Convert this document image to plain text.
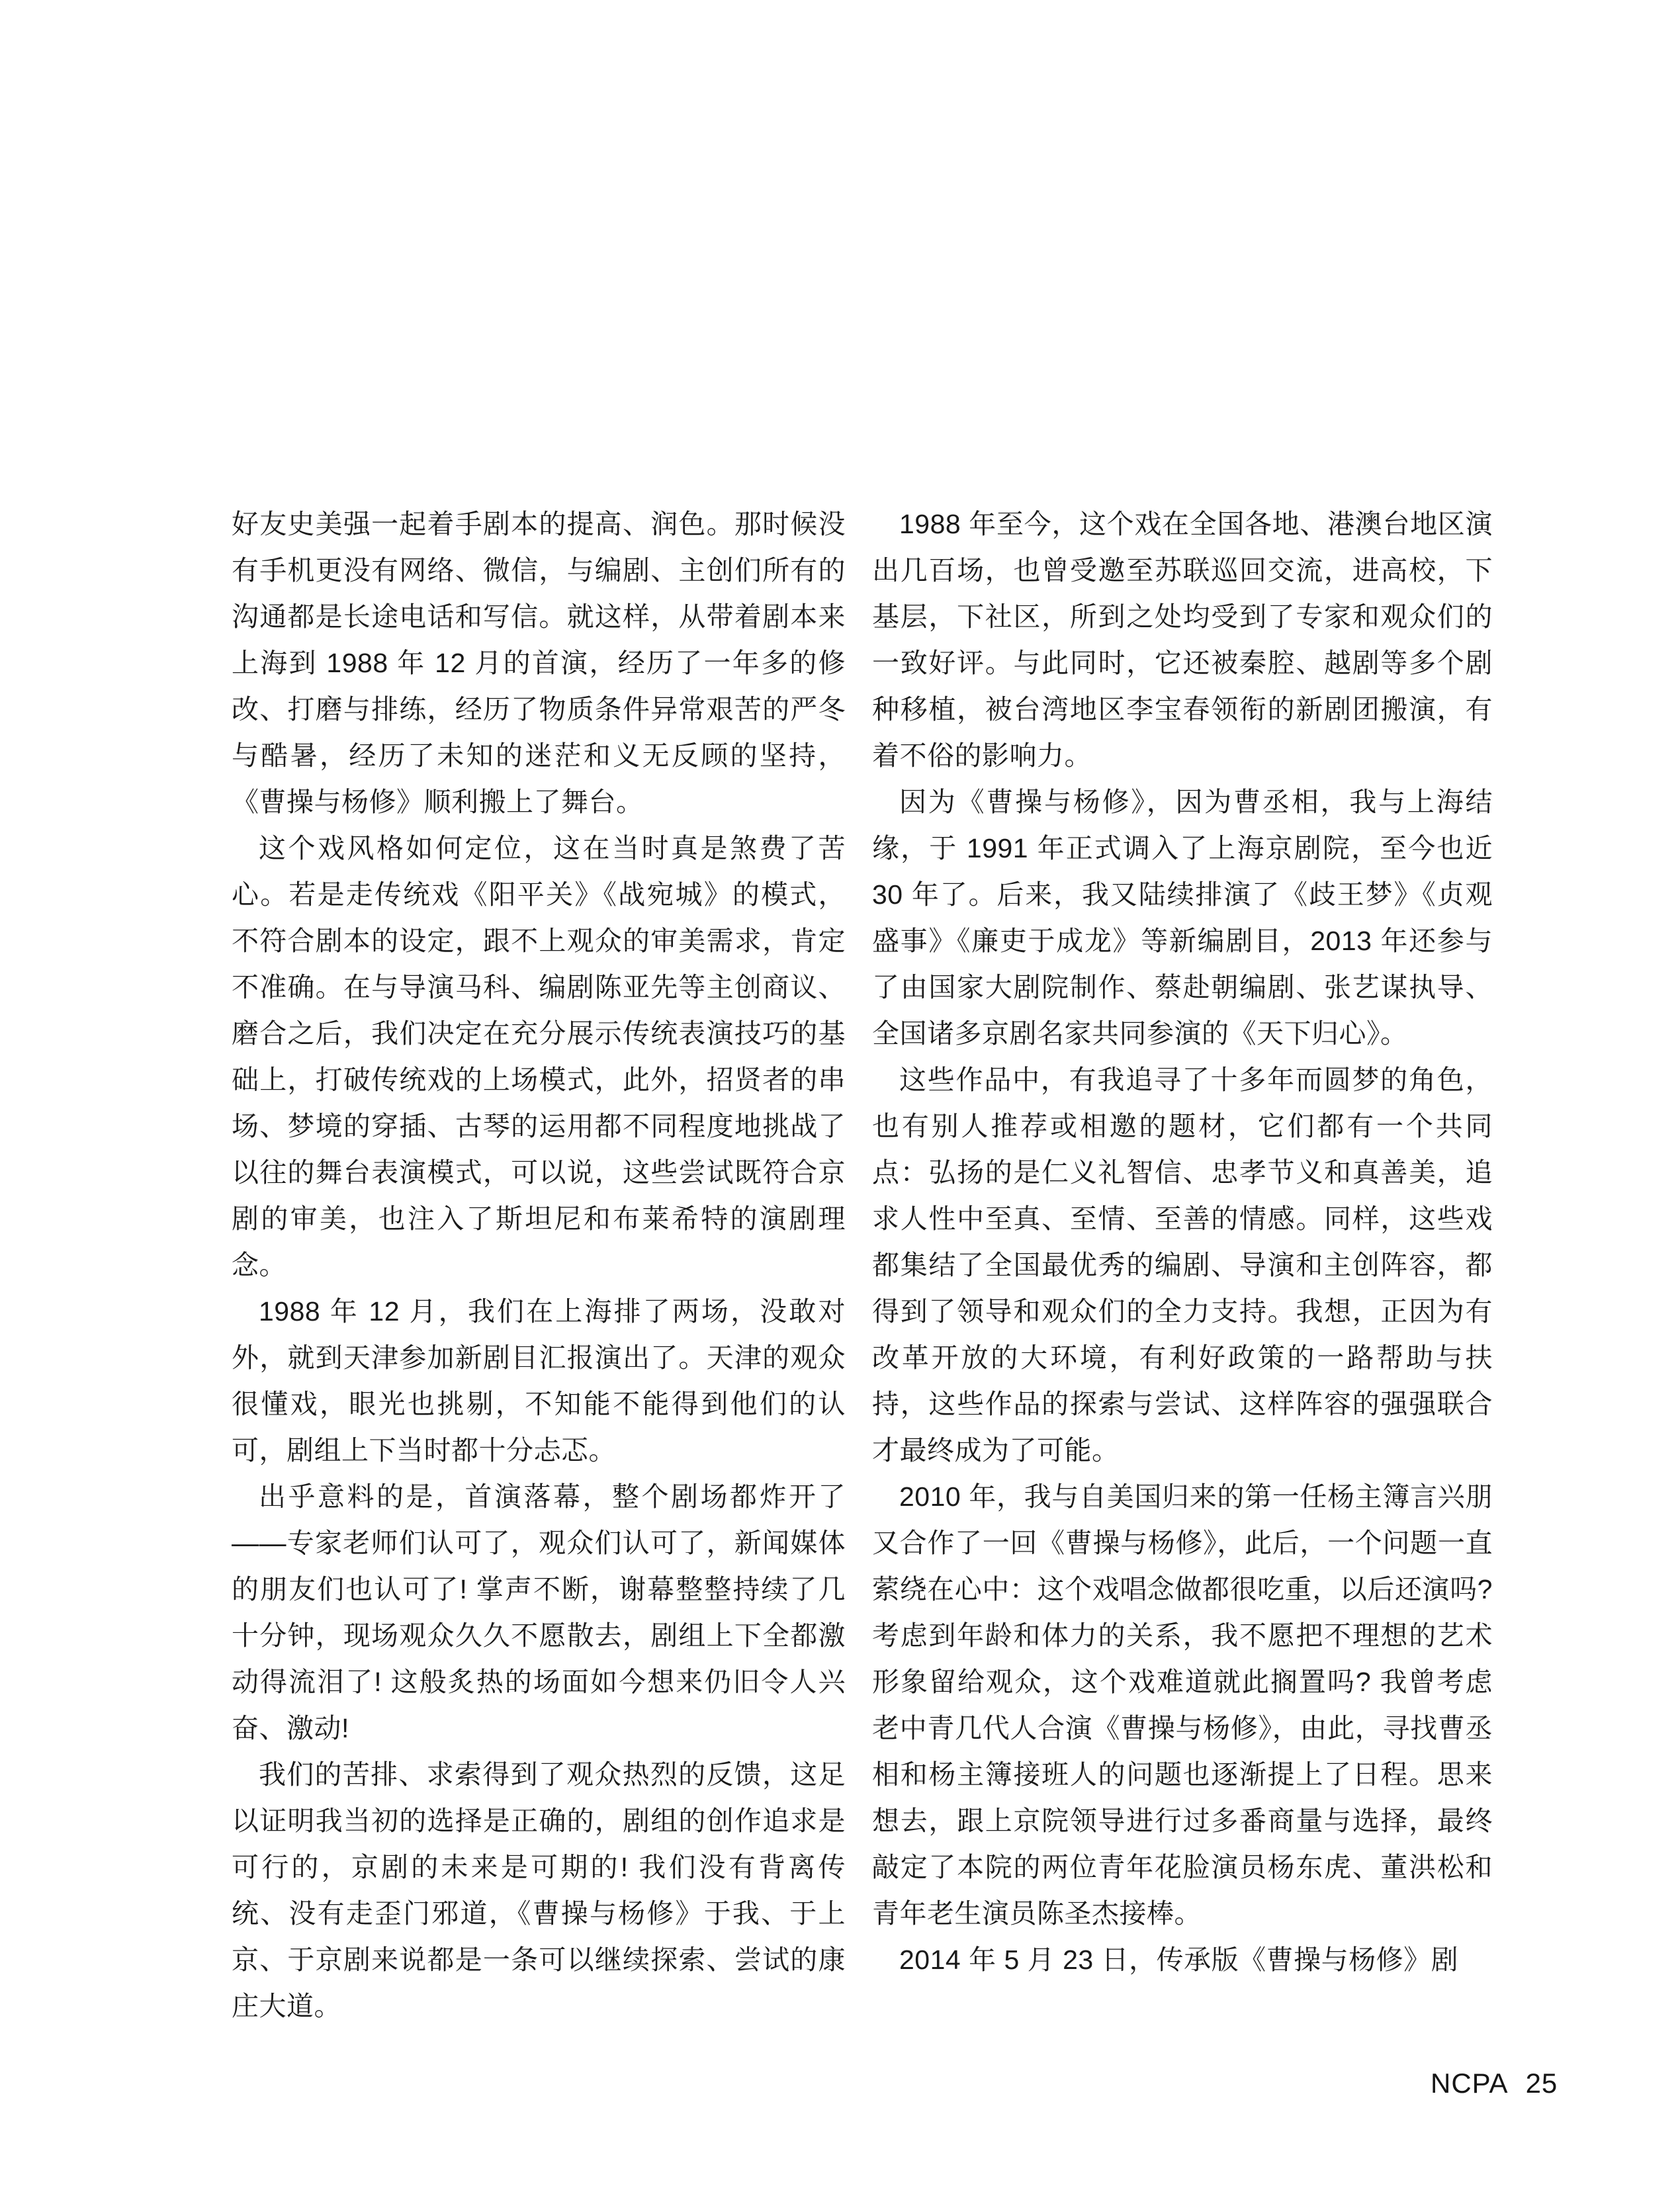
好友史美强一起着手剧本的提高、润色。那时候没有手机更没有网络、微信，与编剧、主创们所有的沟通都是长途电话和写信。就这样，从带着剧本来上海到 1988 年 12 月的首演，经历了一年多的修改、打磨与排练，经历了物质条件异常艰苦的严冬与酷暑，经历了未知的迷茫和义无反顾的坚持，《曹操与杨修》顺利搬上了舞台。

这个戏风格如何定位，这在当时真是煞费了苦心。若是走传统戏《阳平关》《战宛城》的模式，不符合剧本的设定，跟不上观众的审美需求，肯定不准确。在与导演马科、编剧陈亚先等主创商议、磨合之后，我们决定在充分展示传统表演技巧的基础上，打破传统戏的上场模式，此外，招贤者的串场、梦境的穿插、古琴的运用都不同程度地挑战了以往的舞台表演模式，可以说，这些尝试既符合京剧的审美，也注入了斯坦尼和布莱希特的演剧理念。

1988 年 12 月，我们在上海排了两场，没敢对外，就到天津参加新剧目汇报演出了。天津的观众很懂戏，眼光也挑剔，不知能不能得到他们的认可，剧组上下当时都十分忐忑。

出乎意料的是，首演落幕，整个剧场都炸开了——专家老师们认可了，观众们认可了，新闻媒体的朋友们也认可了! 掌声不断，谢幕整整持续了几十分钟，现场观众久久不愿散去，剧组上下全都激动得流泪了! 这般炙热的场面如今想来仍旧令人兴奋、激动!

我们的苦排、求索得到了观众热烈的反馈，这足以证明我当初的选择是正确的，剧组的创作追求是可行的，京剧的未来是可期的! 我们没有背离传统、没有走歪门邪道，《曹操与杨修》于我、于上京、于京剧来说都是一条可以继续探索、尝试的康庄大道。

1988 年至今，这个戏在全国各地、港澳台地区演出几百场，也曾受邀至苏联巡回交流，进高校，下基层，下社区，所到之处均受到了专家和观众们的一致好评。与此同时，它还被秦腔、越剧等多个剧种移植，被台湾地区李宝春领衔的新剧团搬演，有着不俗的影响力。

因为《曹操与杨修》，因为曹丞相，我与上海结缘，于 1991 年正式调入了上海京剧院，至今也近 30 年了。后来，我又陆续排演了《歧王梦》《贞观盛事》《廉吏于成龙》等新编剧目，2013 年还参与了由国家大剧院制作、蔡赴朝编剧、张艺谋执导、全国诸多京剧名家共同参演的《天下归心》。

这些作品中，有我追寻了十多年而圆梦的角色，也有别人推荐或相邀的题材，它们都有一个共同点：弘扬的是仁义礼智信、忠孝节义和真善美，追求人性中至真、至情、至善的情感。同样，这些戏都集结了全国最优秀的编剧、导演和主创阵容，都得到了领导和观众们的全力支持。我想，正因为有改革开放的大环境，有利好政策的一路帮助与扶持，这些作品的探索与尝试、这样阵容的强强联合才最终成为了可能。

2010 年，我与自美国归来的第一任杨主簿言兴朋又合作了一回《曹操与杨修》，此后，一个问题一直萦绕在心中：这个戏唱念做都很吃重，以后还演吗? 考虑到年龄和体力的关系，我不愿把不理想的艺术形象留给观众，这个戏难道就此搁置吗? 我曾考虑老中青几代人合演《曹操与杨修》，由此，寻找曹丞相和杨主簿接班人的问题也逐渐提上了日程。思来想去，跟上京院领导进行过多番商量与选择，最终敲定了本院的两位青年花脸演员杨东虎、董洪松和青年老生演员陈圣杰接棒。

2014 年 5 月 23 日，传承版《曹操与杨修》剧

NCPA 25
